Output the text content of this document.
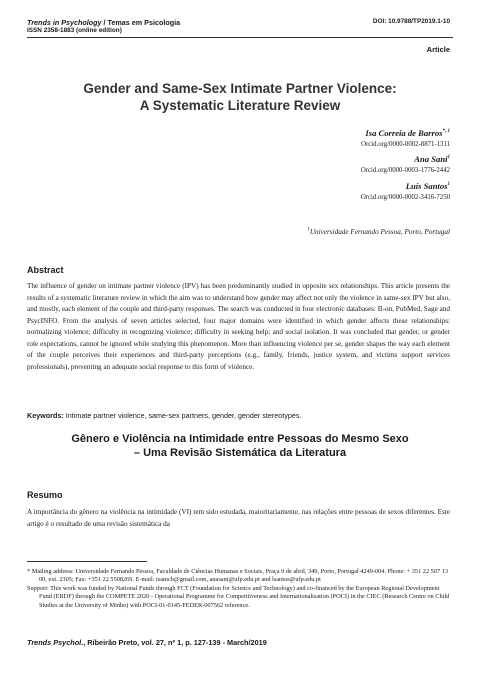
Trends in Psychology / Temas em Psicologia
ISSN 2358-1883 (online edition)
DOI: 10.9788/TP2019.1-10
Article
Gender and Same-Sex Intimate Partner Violence:
A Systematic Literature Review
Isa Correia de Barros$^{*, 1}$
Orcid.org/0000-0002-8871-1311
Ana Sani$^1$
Orcid.org/0000-0003-1776-2442
Luís Santos$^1$
Orcid.org/0000-0002-3416-7250
$^1$Universidade Fernando Pessoa, Porto, Portugal
Abstract

The influence of gender on intimate partner violence (IPV) has been predominantly studied in opposite sex relationships. This article presents the results of a systematic literature review in which the aim was to understand how gender may affect not only the violence in same-sex IPV but also, and mostly, each element of the couple and third-party responses. The search was conducted in four electronic databases: B-on, PubMed, Sage and PsycINFO. From the analysis of seven articles selected, four major domains were identified in which gender affects these relationships: normalizing violence; difficulty in recognizing violence; difficulty in seeking help; and social isolation. It was concluded that gender, or gender role expectations, cannot be ignored while studying this phenomenon. More than influencing violence per se, gender shapes the way each element of the couple perceives their experiences and third-party perceptions (e.g., family, friends, justice system, and victims support services professionals), preventing an adequate social response to this form of violence.

Keywords: Intimate partner violence, same-sex partners, gender, gender stereotypes.
Gênero e Violência na Intimidade entre Pessoas do Mesmo Sexo
– Uma Revisão Sistemática da Literatura
Resumo

A importância do gênero na violência na intimidade (VI) tem sido estudada, maioritariamente, nas relações entre pessoas de sexos diferentes. Este artigo é o resultado de uma revisão sistemática da

* Mailing address: Universidade Fernando Pessoa, Faculdade de Ciências Humanas e Sociais, Praça 9 de abril, 349, Porto, Portugal 4249-004. Phone: + 351 22 507 13 00, ext. 2305; Fax: +351 22 5508269. E-mail: isamcb@gmail.com, anasani@ufp.edu.pt and lsantos@ufp.edu.pt
Support: This work was funded by National Funds through FCT (Foundation for Science and Technology) and co-financed by the European Regional Development Fund (ERDF) through the COMPETE 2020 - Operational Programme for Competitiveness and Internationalisation (POCI) in the CIEC (Research Centre on Child Studies at the University of Minho) with POCI-01-0145-FEDER-007562 reference.
Trends Psychol., Ribeirão Preto, vol. 27, nº 1, p. 127-139 - March/2019
